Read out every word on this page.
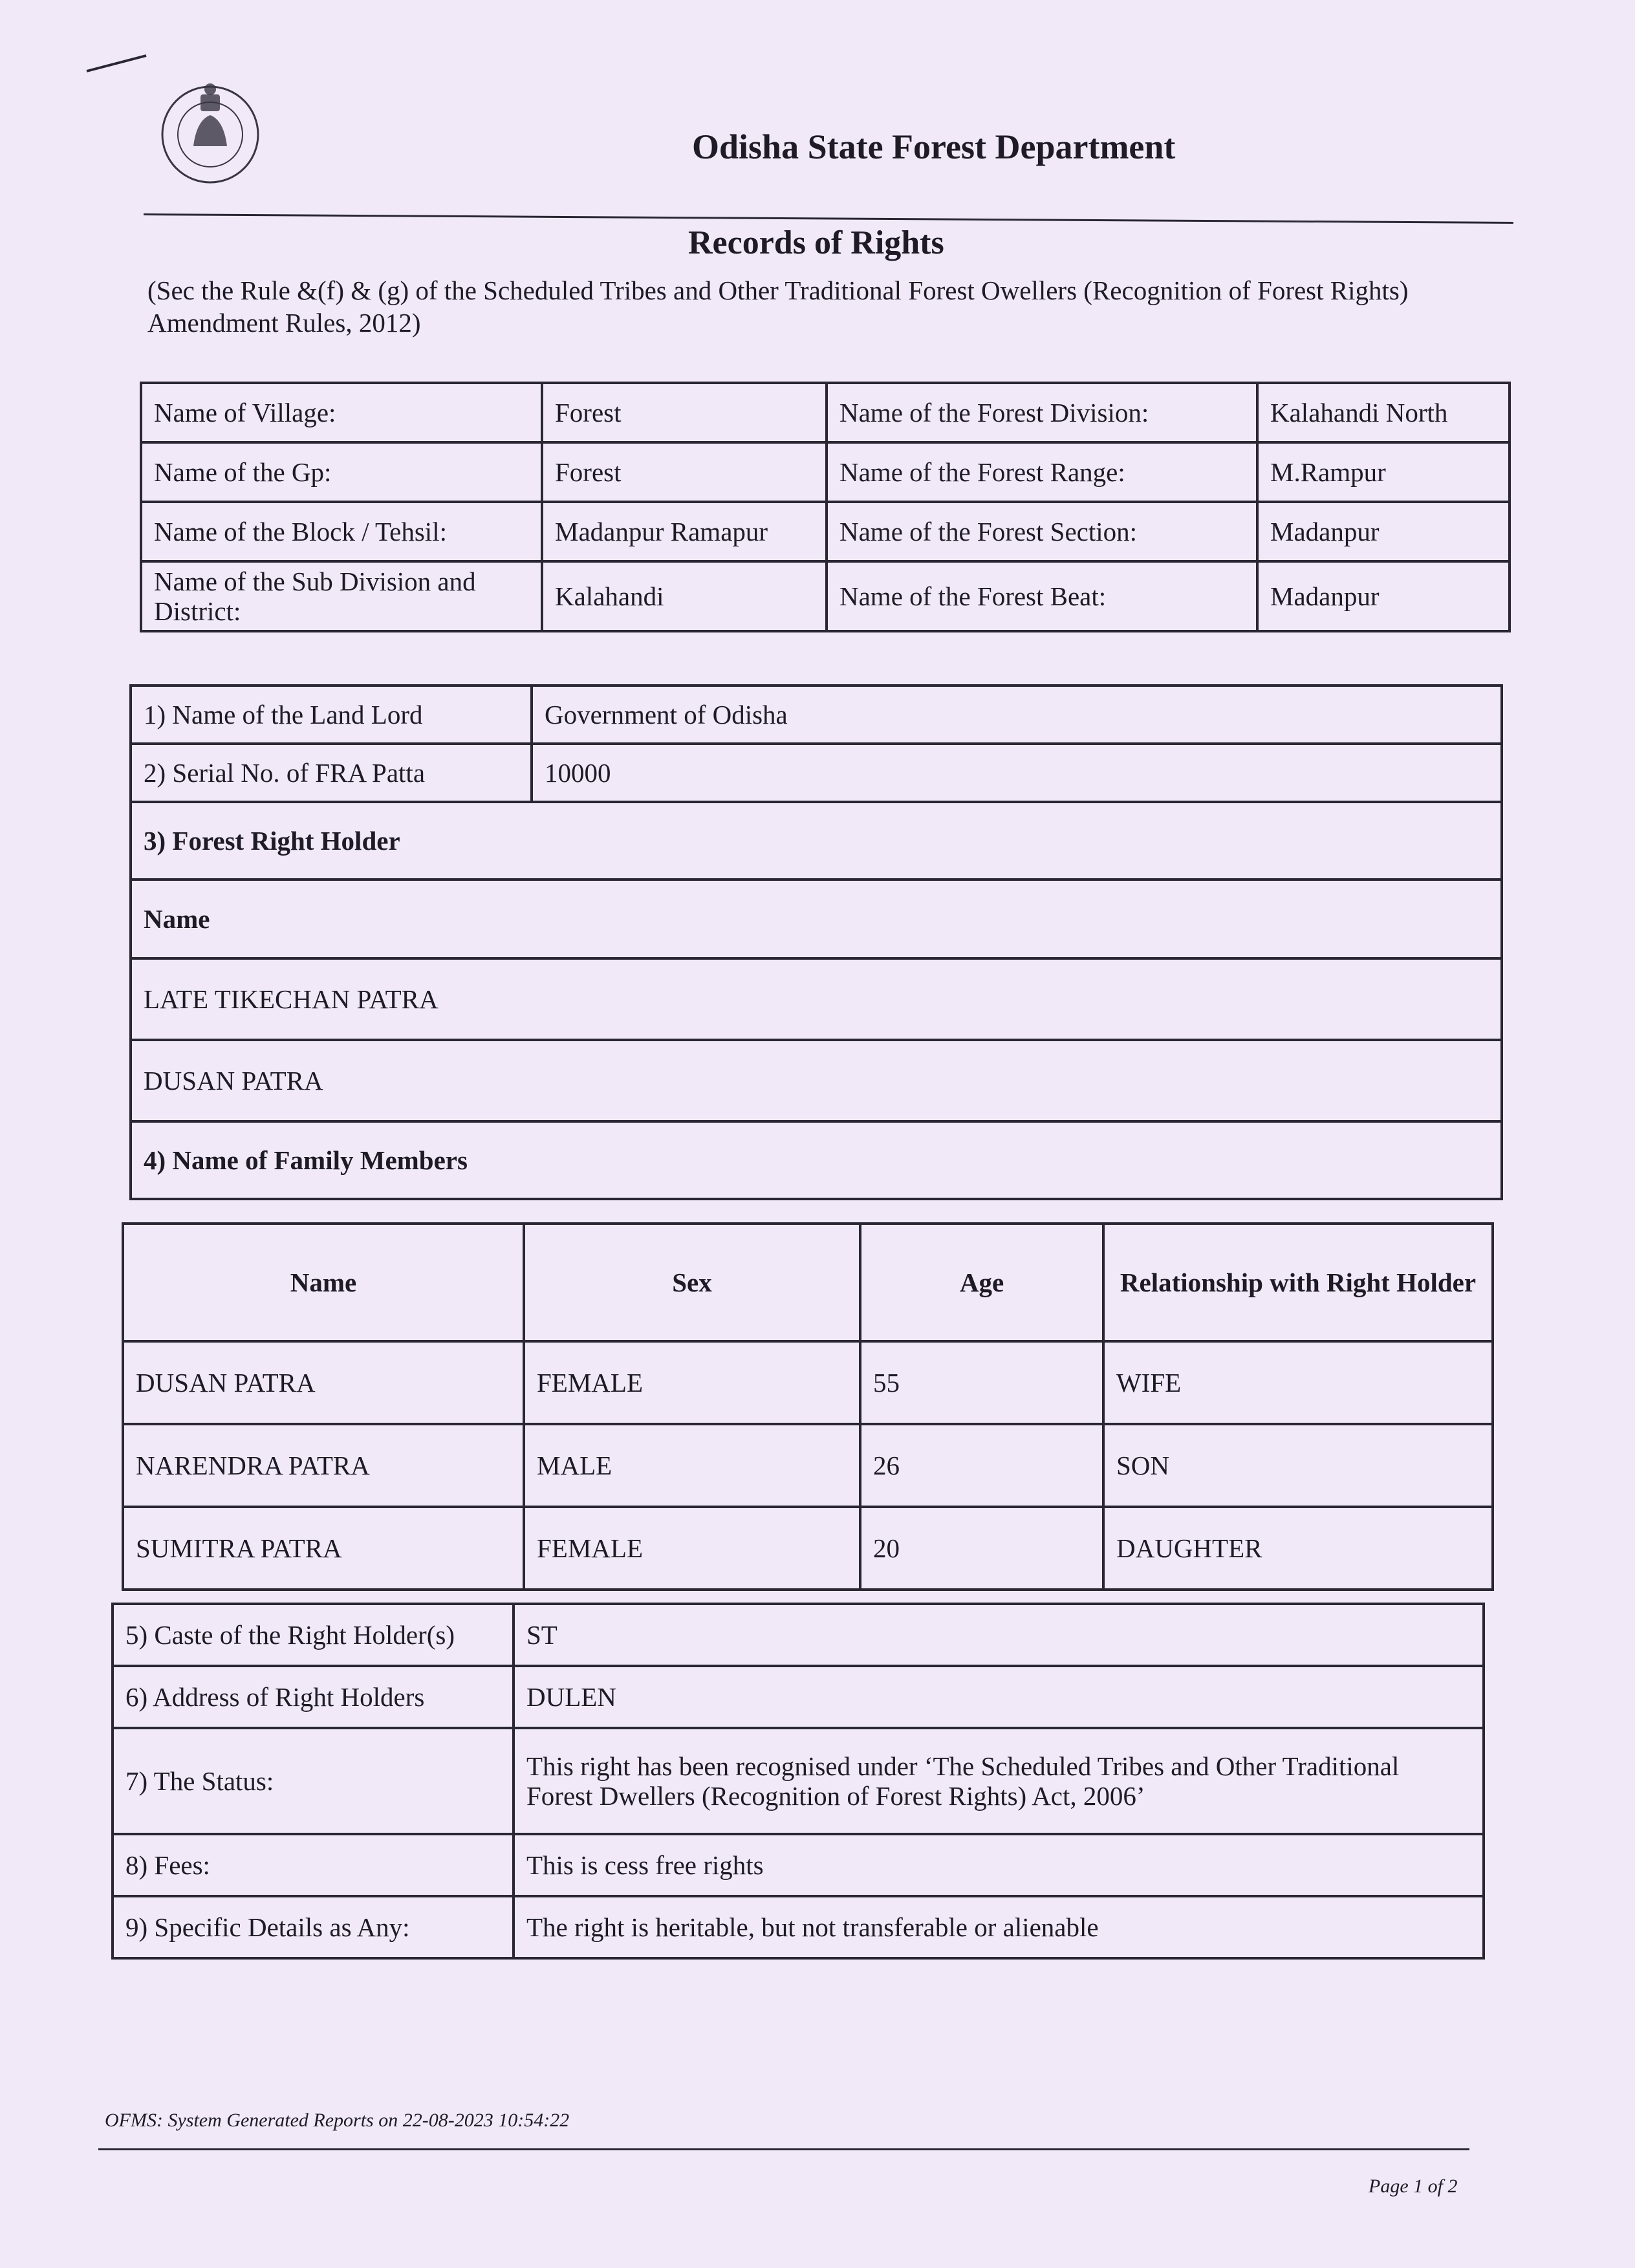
Odisha State Forest Department
Records of Rights
(Sec the Rule &(f) & (g) of the Scheduled Tribes and Other Traditional Forest Owellers (Recognition of Forest Rights) Amendment Rules, 2012)
Name of Village:	Forest	Name of the Forest Division:	Kalahandi North
Name of the Gp:	Forest	Name of the Forest Range:	M.Rampur
Name of the Block / Tehsil:	Madanpur Ramapur	Name of the Forest Section:	Madanpur
Name of the Sub Division and District:	Kalahandi	Name of the Forest Beat:	Madanpur
1) Name of the Land Lord	Government of Odisha
2) Serial No. of FRA Patta	10000
3) Forest Right Holder	
Name	
LATE TIKECHAN PATRA	
DUSAN PATRA	
4) Name of Family Members	
Name	Sex	Age	Relationship with Right Holder
DUSAN PATRA	FEMALE	55	WIFE
NARENDRA PATRA	MALE	26	SON
SUMITRA PATRA	FEMALE	20	DAUGHTER
5) Caste of the Right Holder(s)	ST
6) Address of Right Holders	DULEN
7) The Status:	This right has been recognised under ‘The Scheduled Tribes and Other Traditional
Forest Dwellers (Recognition of Forest Rights) Act, 2006’

8) Fees:	This is cess free rights
9) Specific Details as Any:	The right is heritable, but not transferable or alienable
OFMS: System Generated Reports on 22-08-2023 10:54:22
Page 1 of 2
